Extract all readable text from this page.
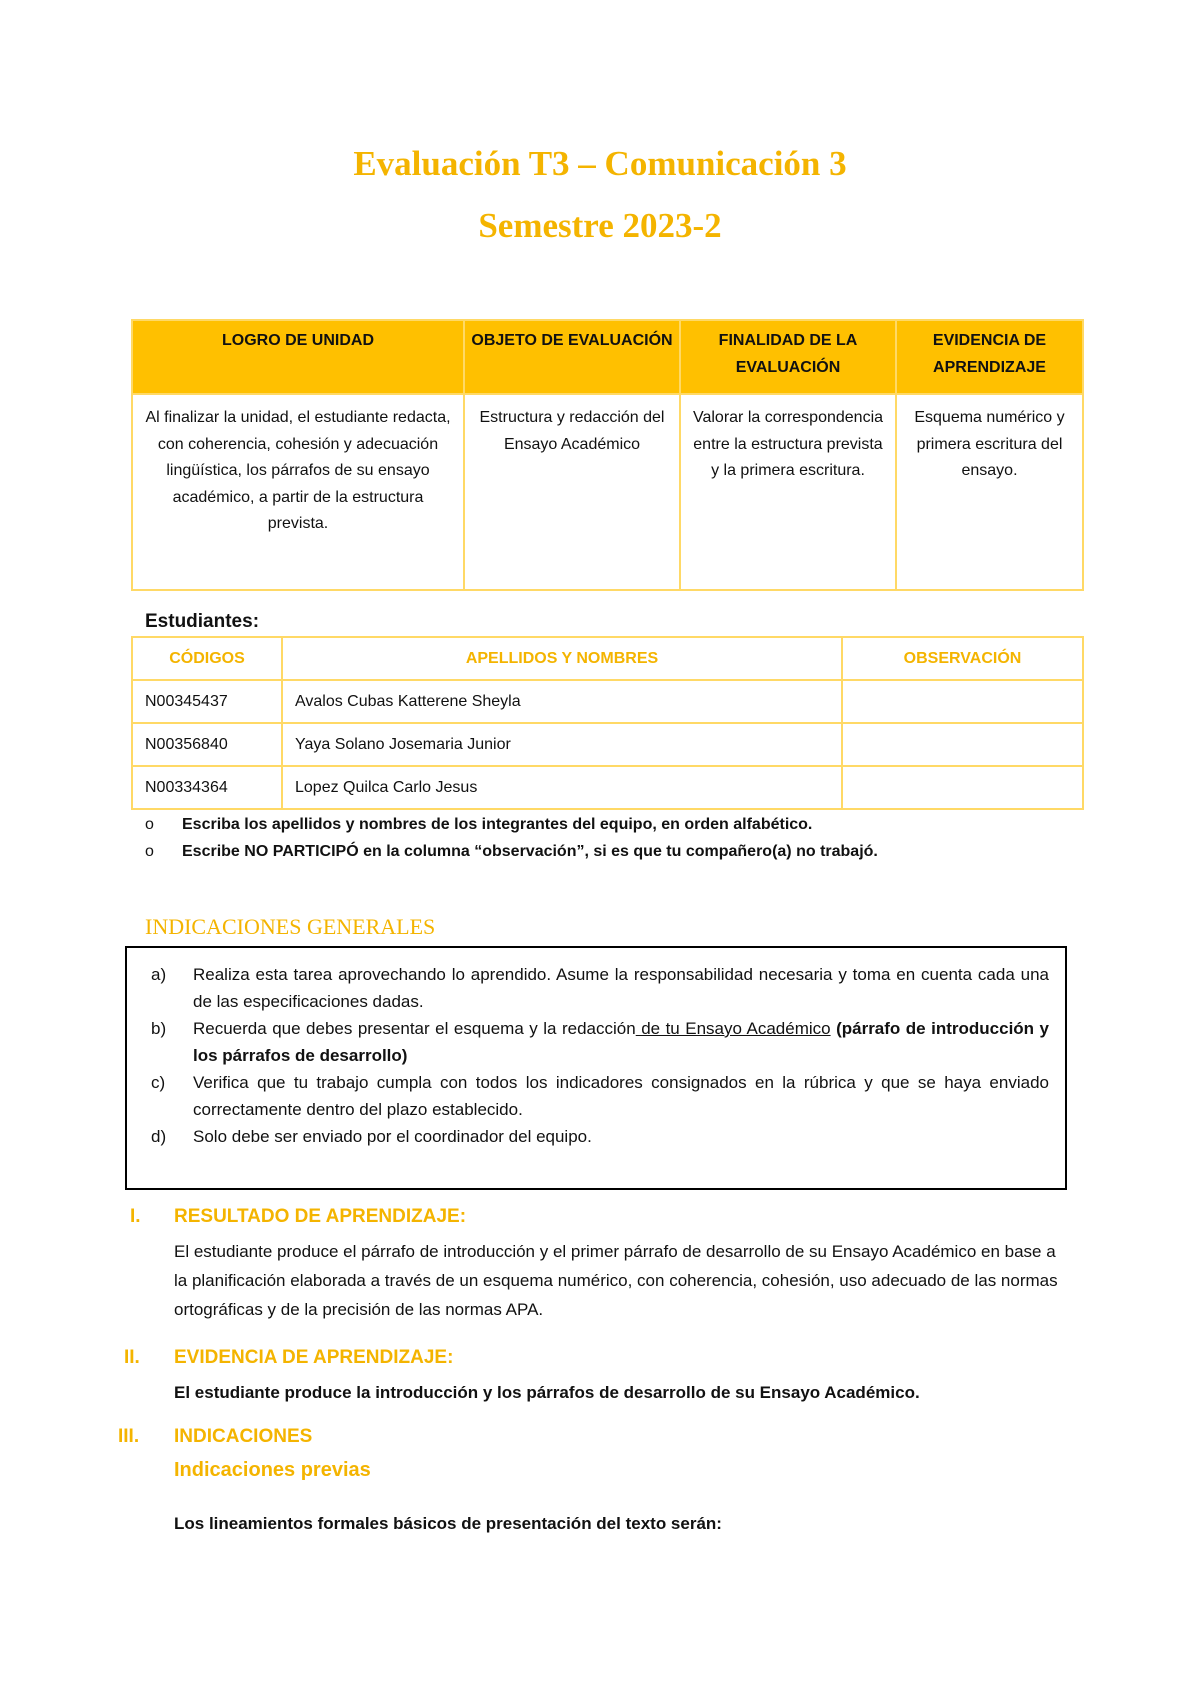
Evaluación T3 – Comunicación 3
Semestre 2023-2
LOGRO DE UNIDAD	OBJETO DE EVALUACIÓN	FINALIDAD DE LA EVALUACIÓN	EVIDENCIA DE APRENDIZAJE
Al finalizar la unidad, el estudiante redacta, con coherencia, cohesión y adecuación lingüística, los párrafos de su ensayo académico, a partir de la estructura prevista.	Estructura y redacción del Ensayo Académico	Valorar la correspondencia entre la estructura prevista y la primera escritura.	Esquema numérico y primera escritura del ensayo.
Estudiantes:
CÓDIGOS	APELLIDOS Y NOMBRES	OBSERVACIÓN
N00345437	Avalos Cubas Katterene Sheyla	
N00356840	Yaya Solano Josemaria Junior	
N00334364	Lopez Quilca Carlo Jesus	
o Escriba los apellidos y nombres de los integrantes del equipo, en orden alfabético.
o Escribe NO PARTICIPÓ en la columna “observación”, si es que tu compañero(a) no trabajó.
INDICACIONES GENERALES
a) Realiza esta tarea aprovechando lo aprendido. Asume la responsabilidad necesaria y toma en cuenta cada una de las especificaciones dadas.
b) Recuerda que debes presentar el esquema y la redacción de tu Ensayo Académico (párrafo de introducción y los párrafos de desarrollo)
c) Verifica que tu trabajo cumpla con todos los indicadores consignados en la rúbrica y que se haya enviado correctamente dentro del plazo establecido.
d) Solo debe ser enviado por el coordinador del equipo.
I. RESULTADO DE APRENDIZAJE:
El estudiante produce el párrafo de introducción y el primer párrafo de desarrollo de su Ensayo Académico en base a la planificación elaborada a través de un esquema numérico, con coherencia, cohesión, uso adecuado de las normas ortográficas y de la precisión de las normas APA.
II. EVIDENCIA DE APRENDIZAJE:
El estudiante produce la introducción y los párrafos de desarrollo de su Ensayo Académico.
III. INDICACIONES
Indicaciones previas
Los lineamientos formales básicos de presentación del texto serán:
